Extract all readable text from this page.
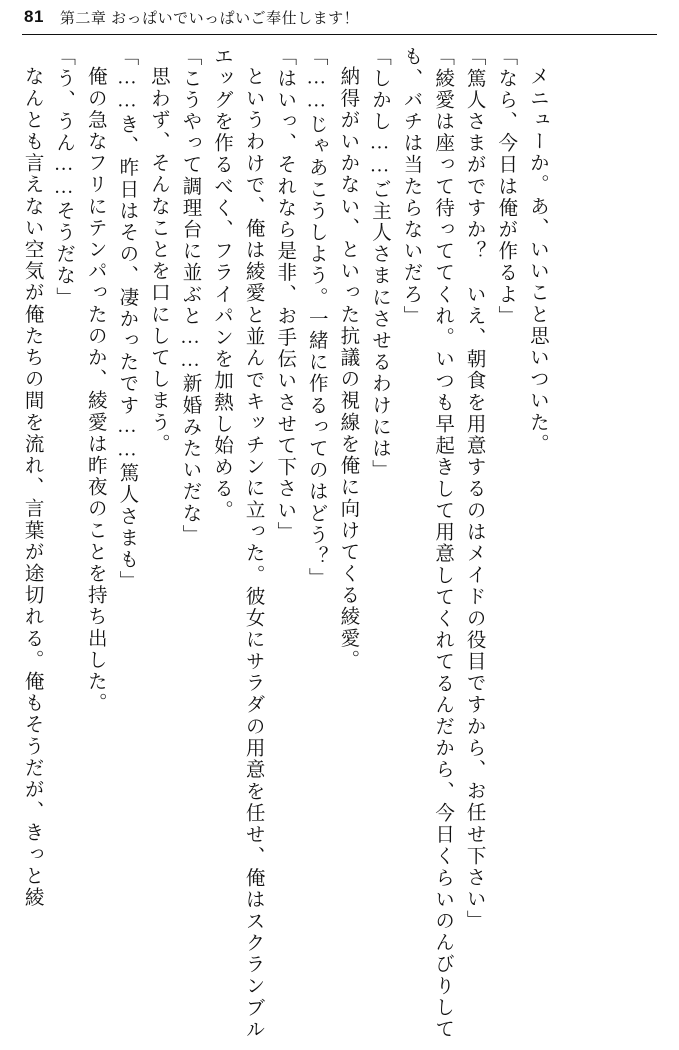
81 第二章 おっぱいでいっぱいご奉仕します！

メニューか。あ、いいこと思いついた。

「なら、今日は俺が作るよ」

「篤人さまがですか？　いえ、朝食を用意するのはメイドの役目ですから、お任せ下さい」

「綾愛は座って待っててくれ。いつも早起きして用意してくれてるんだから、今日くらいのんびりしても、バチは当たらないだろ」

「しかし……ご主人さまにさせるわけには」

納得がいかない、といった抗議の視線を俺に向けてくる綾愛。

「……じゃあこうしよう。一緒に作るってのはどう？」

「はいっ、それなら是非、お手伝いさせて下さい」

というわけで、俺は綾愛と並んでキッチンに立った。彼女にサラダの用意を任せ、俺はスクランブルエッグを作るべく、フライパンを加熱し始める。

「こうやって調理台に並ぶと……新婚みたいだな」

思わず、そんなことを口にしてしまう。

「……き、昨日はその、凄かったです……篤人さまも」

俺の急なフリにテンパったのか、綾愛は昨夜のことを持ち出した。

「う、うん……そうだな」

なんとも言えない空気が俺たちの間を流れ、言葉が途切れる。俺もそうだが、きっと綾
